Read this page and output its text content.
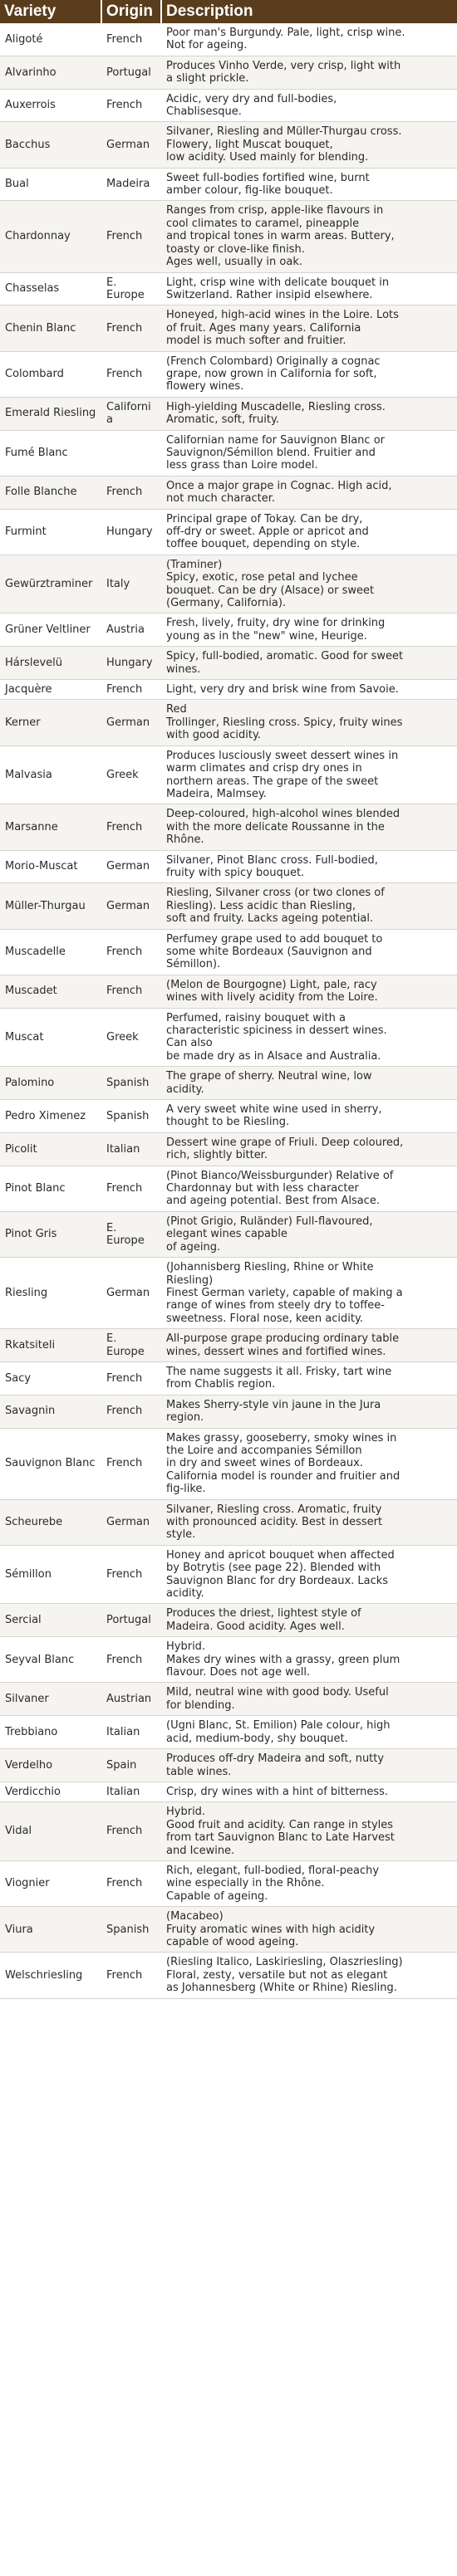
Variety	Origin	Description
Aligoté	French	Poor man's Burgundy. Pale, light, crisp wine.
Not for ageing.
Alvarinho	Portugal	Produces Vinho Verde, very crisp, light with
a slight prickle.
Auxerrois	French	Acidic, very dry and full-bodies,
Chablisesque.
Bacchus	German	Silvaner, Riesling and Müller-Thurgau cross.
Flowery, light Muscat bouquet,
low acidity. Used mainly for blending.
Bual	Madeira	Sweet full-bodies fortified wine, burnt
amber colour, fig-like bouquet.
Chardonnay	French	Ranges from crisp, apple-like flavours in
cool climates to caramel, pineapple
and tropical tones in warm areas. Buttery,
toasty or clove-like finish.
Ages well, usually in oak.
Chasselas	E. Europe	Light, crisp wine with delicate bouquet in
Switzerland. Rather insipid elsewhere.
Chenin Blanc	French	Honeyed, high-acid wines in the Loire. Lots
of fruit. Ages many years. California
model is much softer and fruitier.
Colombard	French	(French Colombard) Originally a cognac
grape, now grown in California for soft,
flowery wines.
Emerald Riesling	California	High-yielding Muscadelle, Riesling cross.
Aromatic, soft, fruity.
Fumé Blanc		Californian name for Sauvignon Blanc or
Sauvignon/Sémillon blend. Fruitier and
less grass than Loire model.
Folle Blanche	French	Once a major grape in Cognac. High acid,
not much character.
Furmint	Hungary	Principal grape of Tokay. Can be dry,
off-dry or sweet. Apple or apricot and
toffee bouquet, depending on style.
Gewürztraminer	Italy	(Traminer)
Spicy, exotic, rose petal and lychee
bouquet. Can be dry (Alsace) or sweet
(Germany, California).
Grüner Veltliner	Austria	Fresh, lively, fruity, dry wine for drinking
young as in the "new" wine, Heurige.
Hárslevelü	Hungary	Spicy, full-bodied, aromatic. Good for sweet
wines.
Jacquère	French	Light, very dry and brisk wine from Savoie.
Kerner	German	Red
Trollinger, Riesling cross. Spicy, fruity wines
with good acidity.
Malvasia	Greek	Produces lusciously sweet dessert wines in
warm climates and crisp dry ones in
northern areas. The grape of the sweet
Madeira, Malmsey.
Marsanne	French	Deep-coloured, high-alcohol wines blended
with the more delicate Roussanne in the
Rhône.
Morio-Muscat	German	Silvaner, Pinot Blanc cross. Full-bodied,
fruity with spicy bouquet.
Müller-Thurgau	German	Riesling, Silvaner cross (or two clones of
Riesling). Less acidic than Riesling,
soft and fruity. Lacks ageing potential.
Muscadelle	French	Perfumey grape used to add bouquet to
some white Bordeaux (Sauvignon and
Sémillon).
Muscadet	French	(Melon de Bourgogne) Light, pale, racy
wines with lively acidity from the Loire.
Muscat	Greek	Perfumed, raisiny bouquet with a
characteristic spiciness in dessert wines.
Can also
be made dry as in Alsace and Australia.
Palomino	Spanish	The grape of sherry. Neutral wine, low
acidity.
Pedro Ximenez	Spanish	A very sweet white wine used in sherry,
thought to be Riesling.
Picolit	Italian	Dessert wine grape of Friuli. Deep coloured,
rich, slightly bitter.
Pinot Blanc	French	(Pinot Bianco/Weissburgunder) Relative of
Chardonnay but with less character
and ageing potential. Best from Alsace.
Pinot Gris	E. Europe	(Pinot Grigio, Ruländer) Full-flavoured,
elegant wines capable
of ageing.
Riesling	German	(Johannisberg Riesling, Rhine or White
Riesling)
Finest German variety, capable of making a
range of wines from steely dry to toffee-
sweetness. Floral nose, keen acidity.
Rkatsiteli	E. Europe	All-purpose grape producing ordinary table
wines, dessert wines and fortified wines.
Sacy	French	The name suggests it all. Frisky, tart wine
from Chablis region.
Savagnin	French	Makes Sherry-style vin jaune in the Jura
region.
Sauvignon Blanc	French	Makes grassy, gooseberry, smoky wines in
the Loire and accompanies Sémillon
in dry and sweet wines of Bordeaux.
California model is rounder and fruitier and
fig-like.
Scheurebe	German	Silvaner, Riesling cross. Aromatic, fruity
with pronounced acidity. Best in dessert
style.
Sémillon	French	Honey and apricot bouquet when affected
by Botrytis (see page 22). Blended with
Sauvignon Blanc for dry Bordeaux. Lacks
acidity.
Sercial	Portugal	Produces the driest, lightest style of
Madeira. Good acidity. Ages well.
Seyval Blanc	French	Hybrid.
Makes dry wines with a grassy, green plum
flavour. Does not age well.
Silvaner	Austrian	Mild, neutral wine with good body. Useful
for blending.
Trebbiano	Italian	(Ugni Blanc, St. Emilion) Pale colour, high
acid, medium-body, shy bouquet.
Verdelho	Spain	Produces off-dry Madeira and soft, nutty
table wines.
Verdicchio	Italian	Crisp, dry wines with a hint of bitterness.
Vidal	French	Hybrid.
Good fruit and acidity. Can range in styles
from tart Sauvignon Blanc to Late Harvest
and Icewine.
Viognier	French	Rich, elegant, full-bodied, floral-peachy
wine especially in the Rhône.
Capable of ageing.
Viura	Spanish	(Macabeo)
Fruity aromatic wines with high acidity
capable of wood ageing.
Welschriesling	French	(Riesling Italico, Laskiriesling, Olaszriesling)
Floral, zesty, versatile but not as elegant
as Johannesberg (White or Rhine) Riesling.
